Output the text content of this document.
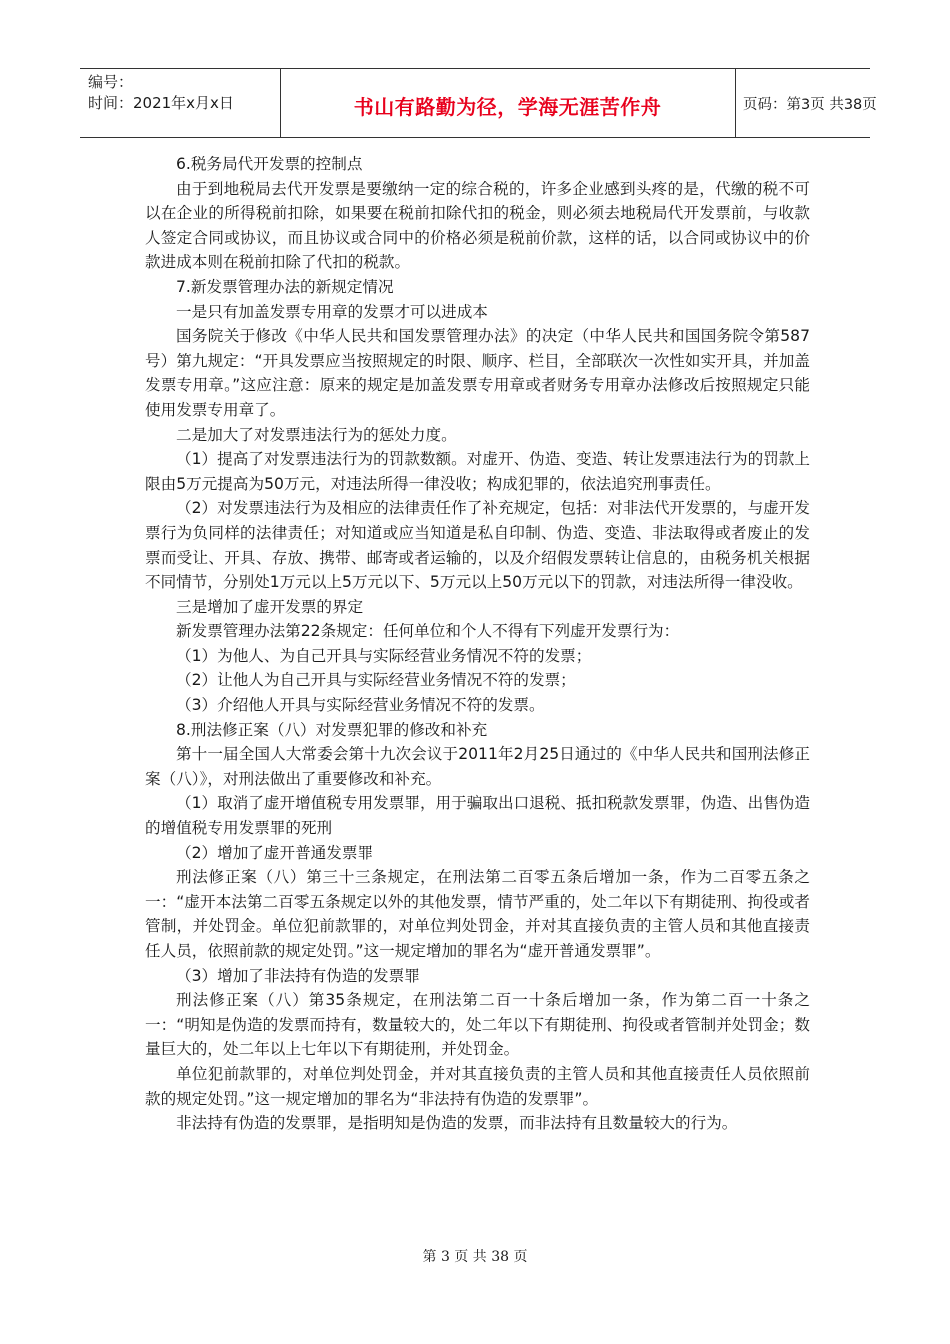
编号：
时间：2021年x月x日	书山有路勤为径，学海无涯苦作舟	页码：第3页 共38页

6.税务局代开发票的控制点

由于到地税局去代开发票是要缴纳一定的综合税的，许多企业感到头疼的是，代缴的税不可以在企业的所得税前扣除，如果要在税前扣除代扣的税金，则必须去地税局代开发票前，与收款人签定合同或协议，而且协议或合同中的价格必须是税前价款，这样的话，以合同或协议中的价款进成本则在税前扣除了代扣的税款。

7.新发票管理办法的新规定情况

一是只有加盖发票专用章的发票才可以进成本

国务院关于修改《中华人民共和国发票管理办法》的决定（中华人民共和国国务院令第587号）第九规定：“开具发票应当按照规定的时限、顺序、栏目，全部联次一次性如实开具，并加盖发票专用章。”这应注意：原来的规定是加盖发票专用章或者财务专用章办法修改后按照规定只能使用发票专用章了。

二是加大了对发票违法行为的惩处力度。

（1）提高了对发票违法行为的罚款数额。对虚开、伪造、变造、转让发票违法行为的罚款上限由5万元提高为50万元，对违法所得一律没收；构成犯罪的，依法追究刑事责任。

（2）对发票违法行为及相应的法律责任作了补充规定，包括：对非法代开发票的，与虚开发票行为负同样的法律责任；对知道或应当知道是私自印制、伪造、变造、非法取得或者废止的发票而受让、开具、存放、携带、邮寄或者运输的，以及介绍假发票转让信息的，由税务机关根据不同情节，分别处1万元以上5万元以下、5万元以上50万元以下的罚款，对违法所得一律没收。

三是增加了虚开发票的界定

新发票管理办法第22条规定：任何单位和个人不得有下列虚开发票行为：

（1）为他人、为自己开具与实际经营业务情况不符的发票；

（2）让他人为自己开具与实际经营业务情况不符的发票；

（3）介绍他人开具与实际经营业务情况不符的发票。

8.刑法修正案（八）对发票犯罪的修改和补充

第十一届全国人大常委会第十九次会议于2011年2月25日通过的《中华人民共和国刑法修正案（八）》，对刑法做出了重要修改和补充。

（1）取消了虚开增值税专用发票罪，用于骗取出口退税、抵扣税款发票罪，伪造、出售伪造的增值税专用发票罪的死刑

（2）增加了虚开普通发票罪

刑法修正案（八）第三十三条规定，在刑法第二百零五条后增加一条，作为二百零五条之一：“虚开本法第二百零五条规定以外的其他发票，情节严重的，处二年以下有期徒刑、拘役或者管制，并处罚金。单位犯前款罪的，对单位判处罚金，并对其直接负责的主管人员和其他直接责任人员，依照前款的规定处罚。”这一规定增加的罪名为“虚开普通发票罪”。

（3）增加了非法持有伪造的发票罪

刑法修正案（八）第35条规定，在刑法第二百一十条后增加一条，作为第二百一十条之一：“明知是伪造的发票而持有，数量较大的，处二年以下有期徒刑、拘役或者管制并处罚金；数量巨大的，处二年以上七年以下有期徒刑，并处罚金。

单位犯前款罪的，对单位判处罚金，并对其直接负责的主管人员和其他直接责任人员依照前款的规定处罚。”这一规定增加的罪名为“非法持有伪造的发票罪”。

非法持有伪造的发票罪，是指明知是伪造的发票，而非法持有且数量较大的行为。

第 3 页 共 38 页
